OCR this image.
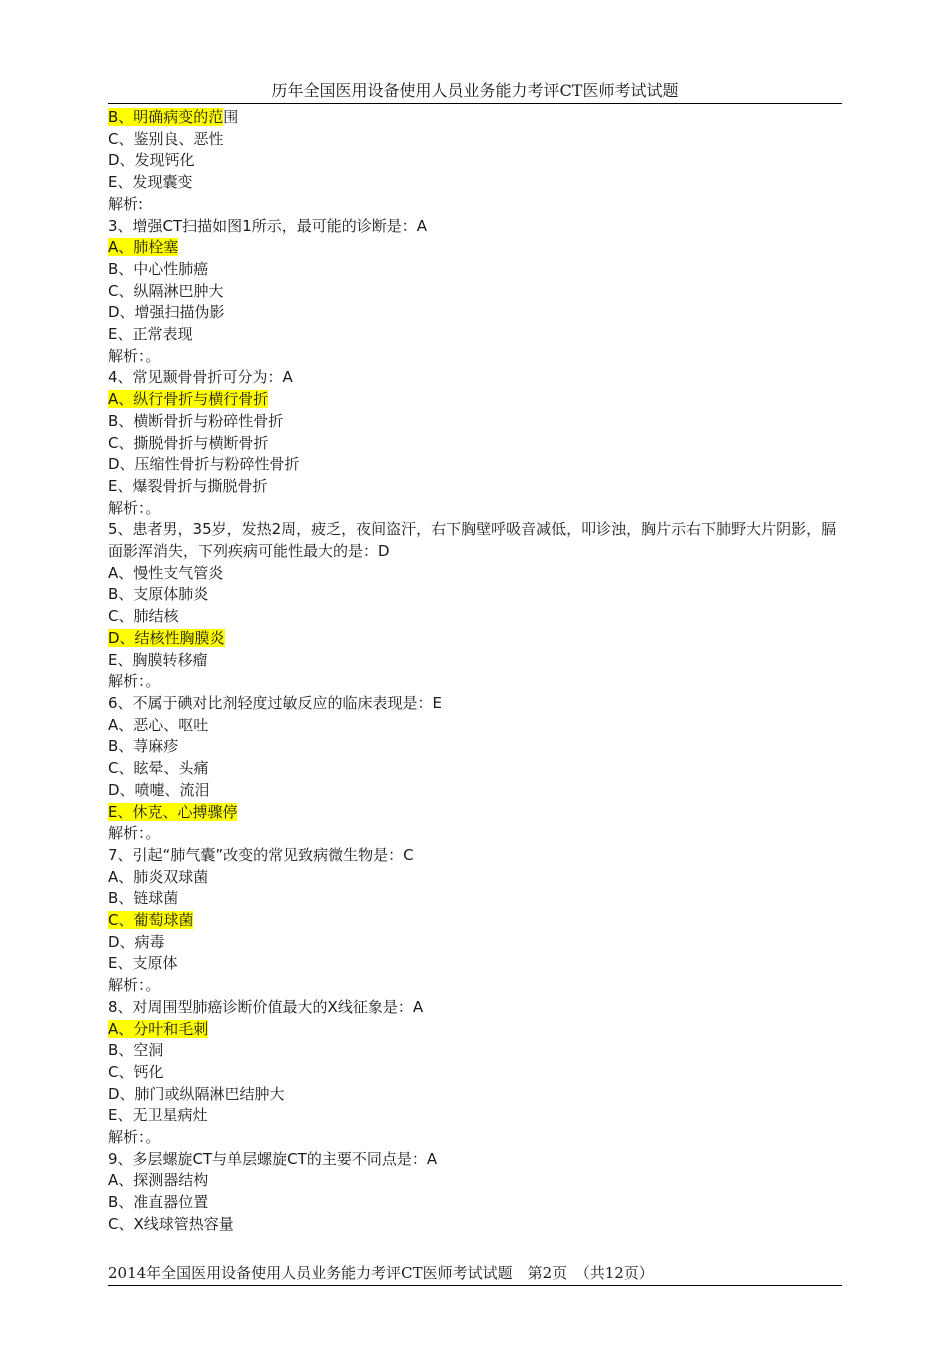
历年全国医用设备使用人员业务能力考评CT医师考试试题
B、明确病变的范围
C、鉴别良、恶性
D、发现钙化
E、发现囊变
解析:
3、增强CT扫描如图1所示，最可能的诊断是：A
A、肺栓塞
B、中心性肺癌
C、纵隔淋巴肿大
D、增强扫描伪影
E、正常表现
解析：。
4、常见颞骨骨折可分为：A
A、纵行骨折与横行骨折
B、横断骨折与粉碎性骨折
C、撕脱骨折与横断骨折
D、压缩性骨折与粉碎性骨折
E、爆裂骨折与撕脱骨折
解析：。
5、患者男，35岁，发热2周，疲乏，夜间盗汗，右下胸壁呼吸音减低，叩诊浊，胸片示右下肺野大片阴影，膈面影浑消失，下列疾病可能性最大的是：D
A、慢性支气管炎
B、支原体肺炎
C、肺结核
D、结核性胸膜炎
E、胸膜转移瘤
解析：。
6、不属于碘对比剂轻度过敏反应的临床表现是：E
A、恶心、呕吐
B、荨麻疹
C、眩晕、头痛
D、喷嚏、流泪
E、休克、心搏骤停
解析：。
7、引起“肺气囊”改变的常见致病微生物是：C
A、肺炎双球菌
B、链球菌
C、葡萄球菌
D、病毒
E、支原体
解析：。
8、对周围型肺癌诊断价值最大的X线征象是：A
A、分叶和毛刺
B、空洞
C、钙化
D、肺门或纵隔淋巴结肿大
E、无卫星病灶
解析：。
9、多层螺旋CT与单层螺旋CT的主要不同点是：A
A、探测器结构
B、准直器位置
C、X线球管热容量
2014年全国医用设备使用人员业务能力考评CT医师考试试题　第2页　（共12页）
